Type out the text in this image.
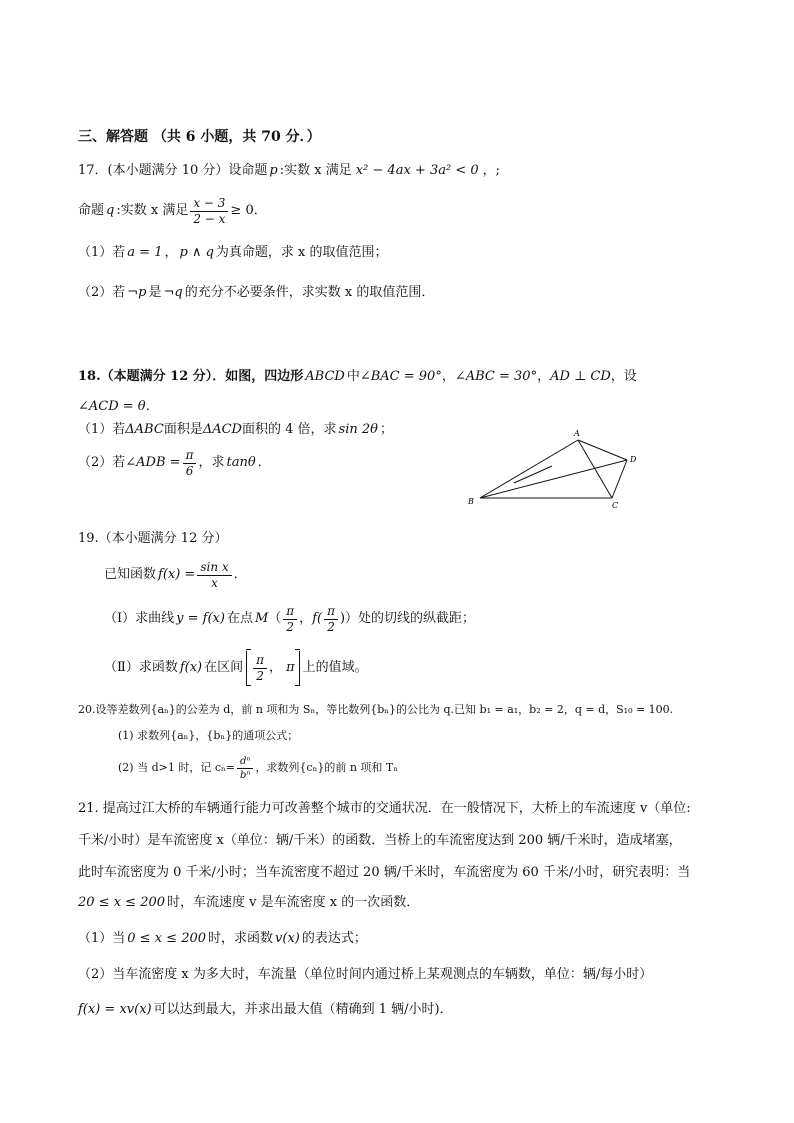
三、解答题 （共 6 小题，共 70 分．）
17．(本小题满分 10 分）设命题 p :实数 x 满足 x² − 4ax + 3a² < 0 ，;
命题 q :实数 x 满足 $\frac{x - 3}{2 - x} \ge 0$．
（1）若 a = 1 ， p ∧ q 为真命题，求 x 的取值范围；
（2）若 ¬p 是 ¬q 的充分不必要条件，求实数 x 的取值范围．
18.（本题满分 12 分）．如图，四边形 ABCD 中 ∠BAC = 90° ， ∠ABC = 30° ， AD ⊥ CD ，设
∠ACD = θ．
（1）若 ΔABC 面积是 ΔACD 面积的 4 倍，求 sin 2θ ；
（2）若 ∠ADB = $\frac{\pi}{6}$ ，求 tanθ ．
A
B	C
D
19.（本小题满分 12 分）
已知函数 $f(x) = \frac{\text{sin x}}{x}$ ．
（Ⅰ）求曲线 y = f(x) 在点 M （ $\frac{\pi}{2}$ ， $f( \frac{\pi}{2}$ )） 处的切线的纵截距；
（Ⅱ）求函数 f(x) 在区间 $\frac{\pi}{2}$ ， π 上的值域。
20.设等差数列{aₙ}的公差为 d，前 n 项和为 Sₙ，等比数列{bₙ}的公比为 q.已知 b₁ = a₁，b₂ = 2，q = d，S₁₀ = 100.
(1) 求数列{aₙ}，{bₙ}的通项公式；
(2) 当 d>1 时，记 $c_n= \frac{\text{dⁿ}}{\text{bⁿ}}$ ，求数列{cₙ}的前 n 项和 Tₙ
21. 提高过江大桥的车辆通行能力可改善整个城市的交通状况．在一般情况下，大桥上的车流速度 v（单位:
千米/小时）是车流密度 x（单位：辆/千米）的函数．当桥上的车流密度达到 200 辆/千米时，造成堵塞，
此时车流密度为 0 千米/小时；当车流密度不超过 20 辆/千米时，车流密度为 60 千米/小时，研究表明：当
20 ≤ x ≤ 200 时，车流速度 v 是车流密度 x 的一次函数．
（1）当 0 ≤ x ≤ 200 时，求函数 v(x) 的表达式；
（2）当车流密度 x 为多大时，车流量（单位时间内通过桥上某观测点的车辆数，单位：辆/每小时）
f(x) = xv(x) 可以达到最大，并求出最大值（精确到 1 辆/小时)．
